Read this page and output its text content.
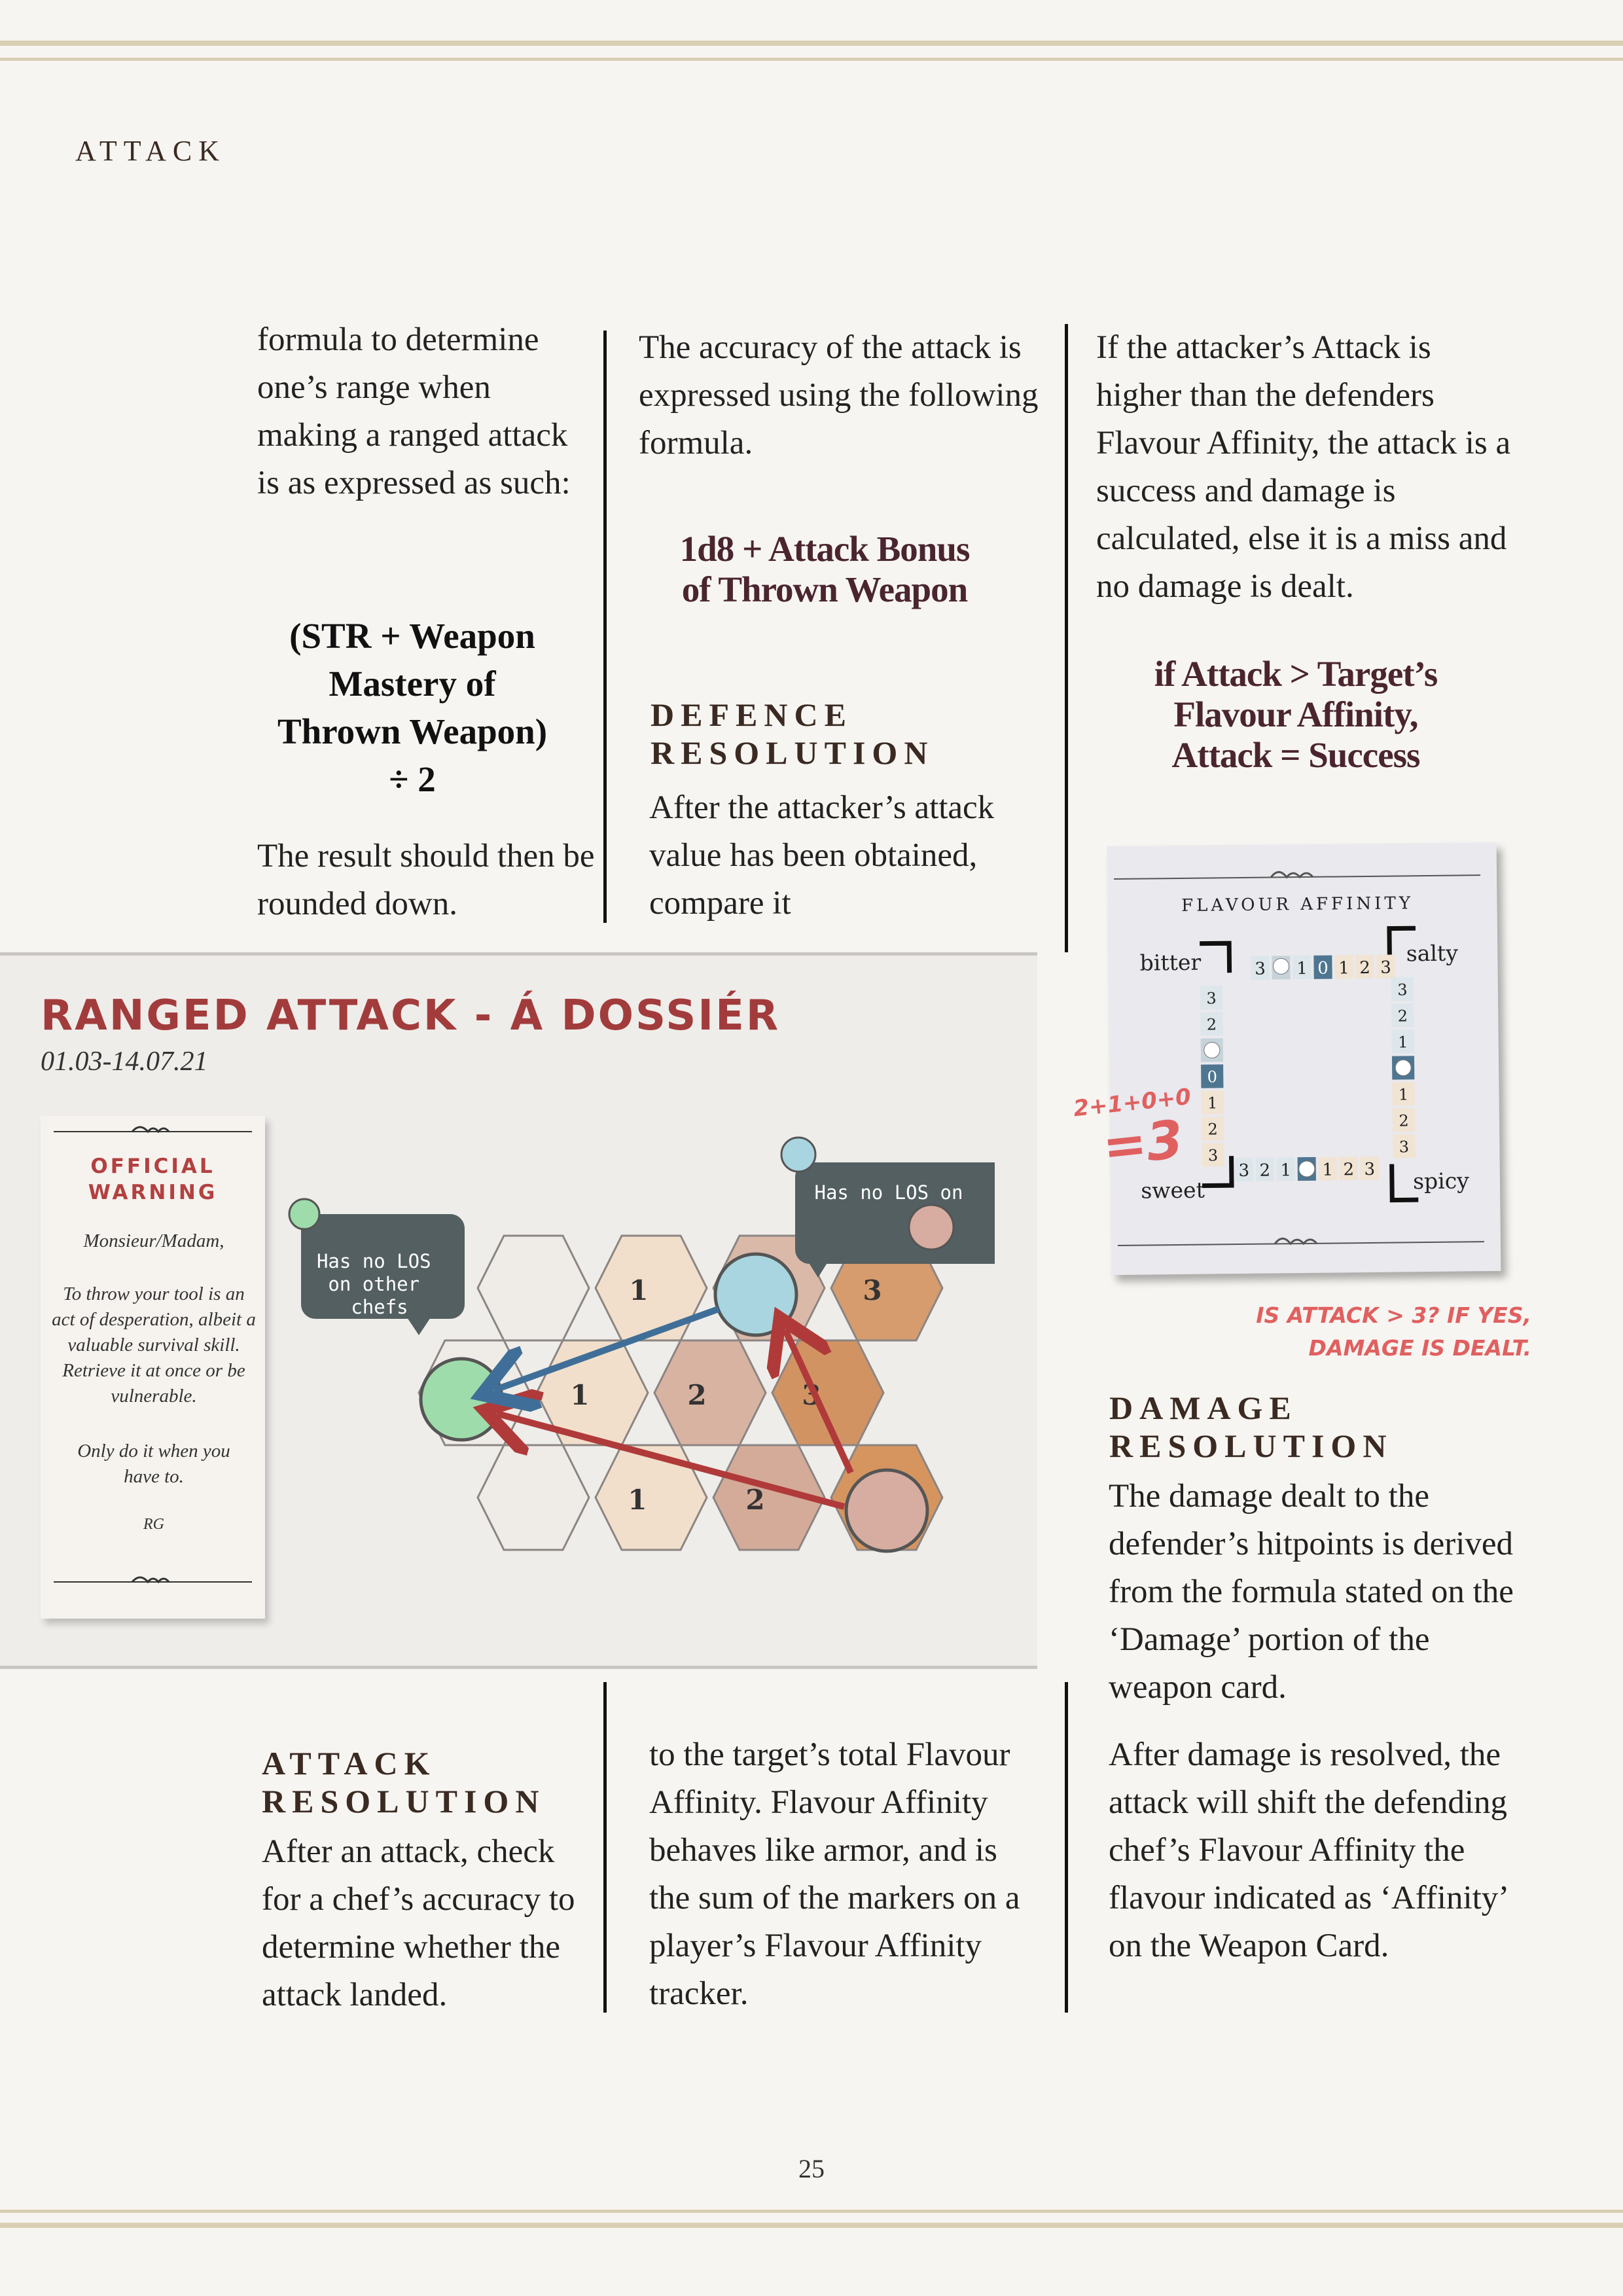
ATTACK
formula to determine one’s range when making a ranged attack is as expressed as such:
(STR + Weapon
Mastery of
Thrown Weapon)
÷ 2
The result should then be rounded down.
The accuracy of the attack is expressed using the following formula.
1d8 + Attack Bonus
of Thrown Weapon
DEFENCE
RESOLUTION
After the attacker’s attack value has been obtained, compare it
If the attacker’s Attack is higher than the defenders Flavour Affinity, the attack is a success and damage is calculated, else it is a miss and no damage is dealt.
if Attack > Target’s
Flavour Affinity,
Attack = Success
RANGED ATTACK - Á DOSSIÉR
01.03-14.07.21
OFFICIAL
WARNING
Monsieur/Madam,
To throw your tool is an act of desperation, albeit a valuable survival skill. Retrieve it at once or be vulnerable.
Only do it when you have to.
RG
1	3
1	2	3
1	2
Has no LOS on other chefs
Has no LOS on
FLAVOUR AFFINITY
bitter	salty
sweet	spicy
3 1 0 1 2 3
3
2
0
1
2
3
3
2
1
1
2
3
3 2 1 1 2 3
2+1+0+0
=3
IS ATTACK > 3? IF YES,
DAMAGE IS DEALT.
DAMAGE
RESOLUTION
The damage dealt to the defender’s hitpoints is derived from the formula stated on the ‘Damage’ portion of the weapon card.
After damage is resolved, the attack will shift the defending chef’s Flavour Affinity the flavour indicated as ‘Affinity’ on the Weapon Card.
ATTACK
RESOLUTION
After an attack, check for a chef’s accuracy to determine whether the attack landed.
to the target’s total Flavour Affinity. Flavour Affinity behaves like armor, and is the sum of the markers on a player’s Flavour Affinity tracker.
25
